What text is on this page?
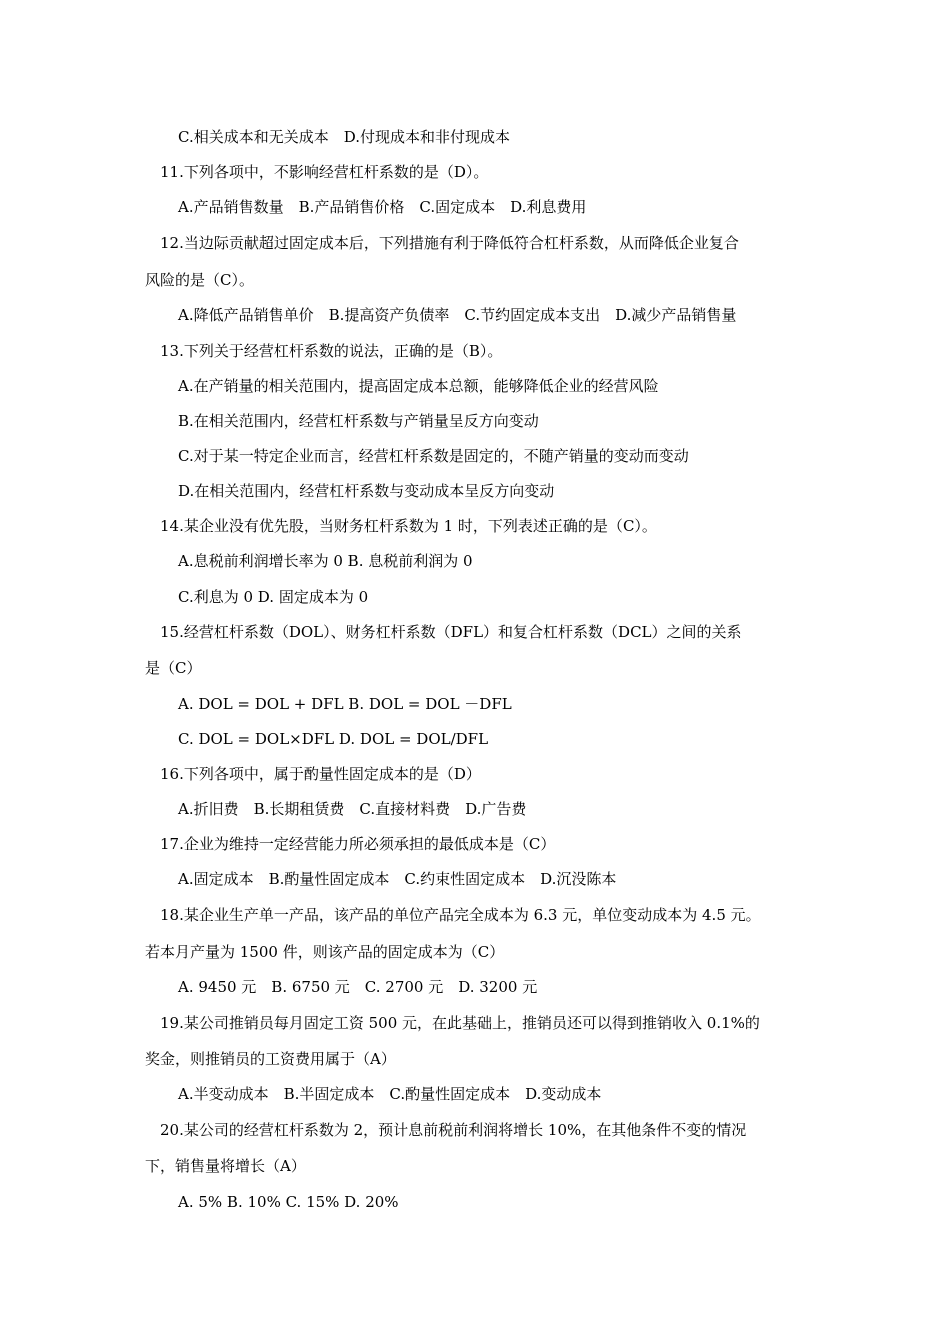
C.相关成本和无关成本　D.付现成本和非付现成本
11.下列各项中，不影响经营杠杆系数的是（D）。
A.产品销售数量　B.产品销售价格　C.固定成本　D.利息费用
12.当边际贡献超过固定成本后，下列措施有利于降低符合杠杆系数，从而降低企业复合
风险的是（C）。
A.降低产品销售单价　B.提高资产负债率　C.节约固定成本支出　D.减少产品销售量
13.下列关于经营杠杆系数的说法，正确的是（B）。
A.在产销量的相关范围内，提高固定成本总额，能够降低企业的经营风险
B.在相关范围内，经营杠杆系数与产销量呈反方向变动
C.对于某一特定企业而言，经营杠杆系数是固定的，不随产销量的变动而变动
D.在相关范围内，经营杠杆系数与变动成本呈反方向变动
14.某企业没有优先股，当财务杠杆系数为 1 时，下列表述正确的是（C）。
A.息税前利润增长率为 0 B. 息税前利润为 0
C.利息为 0 D. 固定成本为 0
15.经营杠杆系数（DOL）、财务杠杆系数（DFL）和复合杠杆系数（DCL）之间的关系
是（C）
A. DOL = DOL + DFL B. DOL = DOL －DFL
C. DOL = DOL×DFL D. DOL = DOL/DFL
16.下列各项中，属于酌量性固定成本的是（D）
A.折旧费　B.长期租赁费　C.直接材料费　D.广告费
17.企业为维持一定经营能力所必须承担的最低成本是（C）
A.固定成本　B.酌量性固定成本　C.约束性固定成本　D.沉没陈本
18.某企业生产单一产品，该产品的单位产品完全成本为 6.3 元，单位变动成本为 4.5 元。
若本月产量为 1500 件，则该产品的固定成本为（C）
A. 9450 元　B. 6750 元　C. 2700 元　D. 3200 元
19.某公司推销员每月固定工资 500 元，在此基础上，推销员还可以得到推销收入 0.1%的
奖金，则推销员的工资费用属于（A）
A.半变动成本　B.半固定成本　C.酌量性固定成本　D.变动成本
20.某公司的经营杠杆系数为 2，预计息前税前利润将增长 10%，在其他条件不变的情况
下，销售量将增长（A）
A. 5% B. 10% C. 15% D. 20%
